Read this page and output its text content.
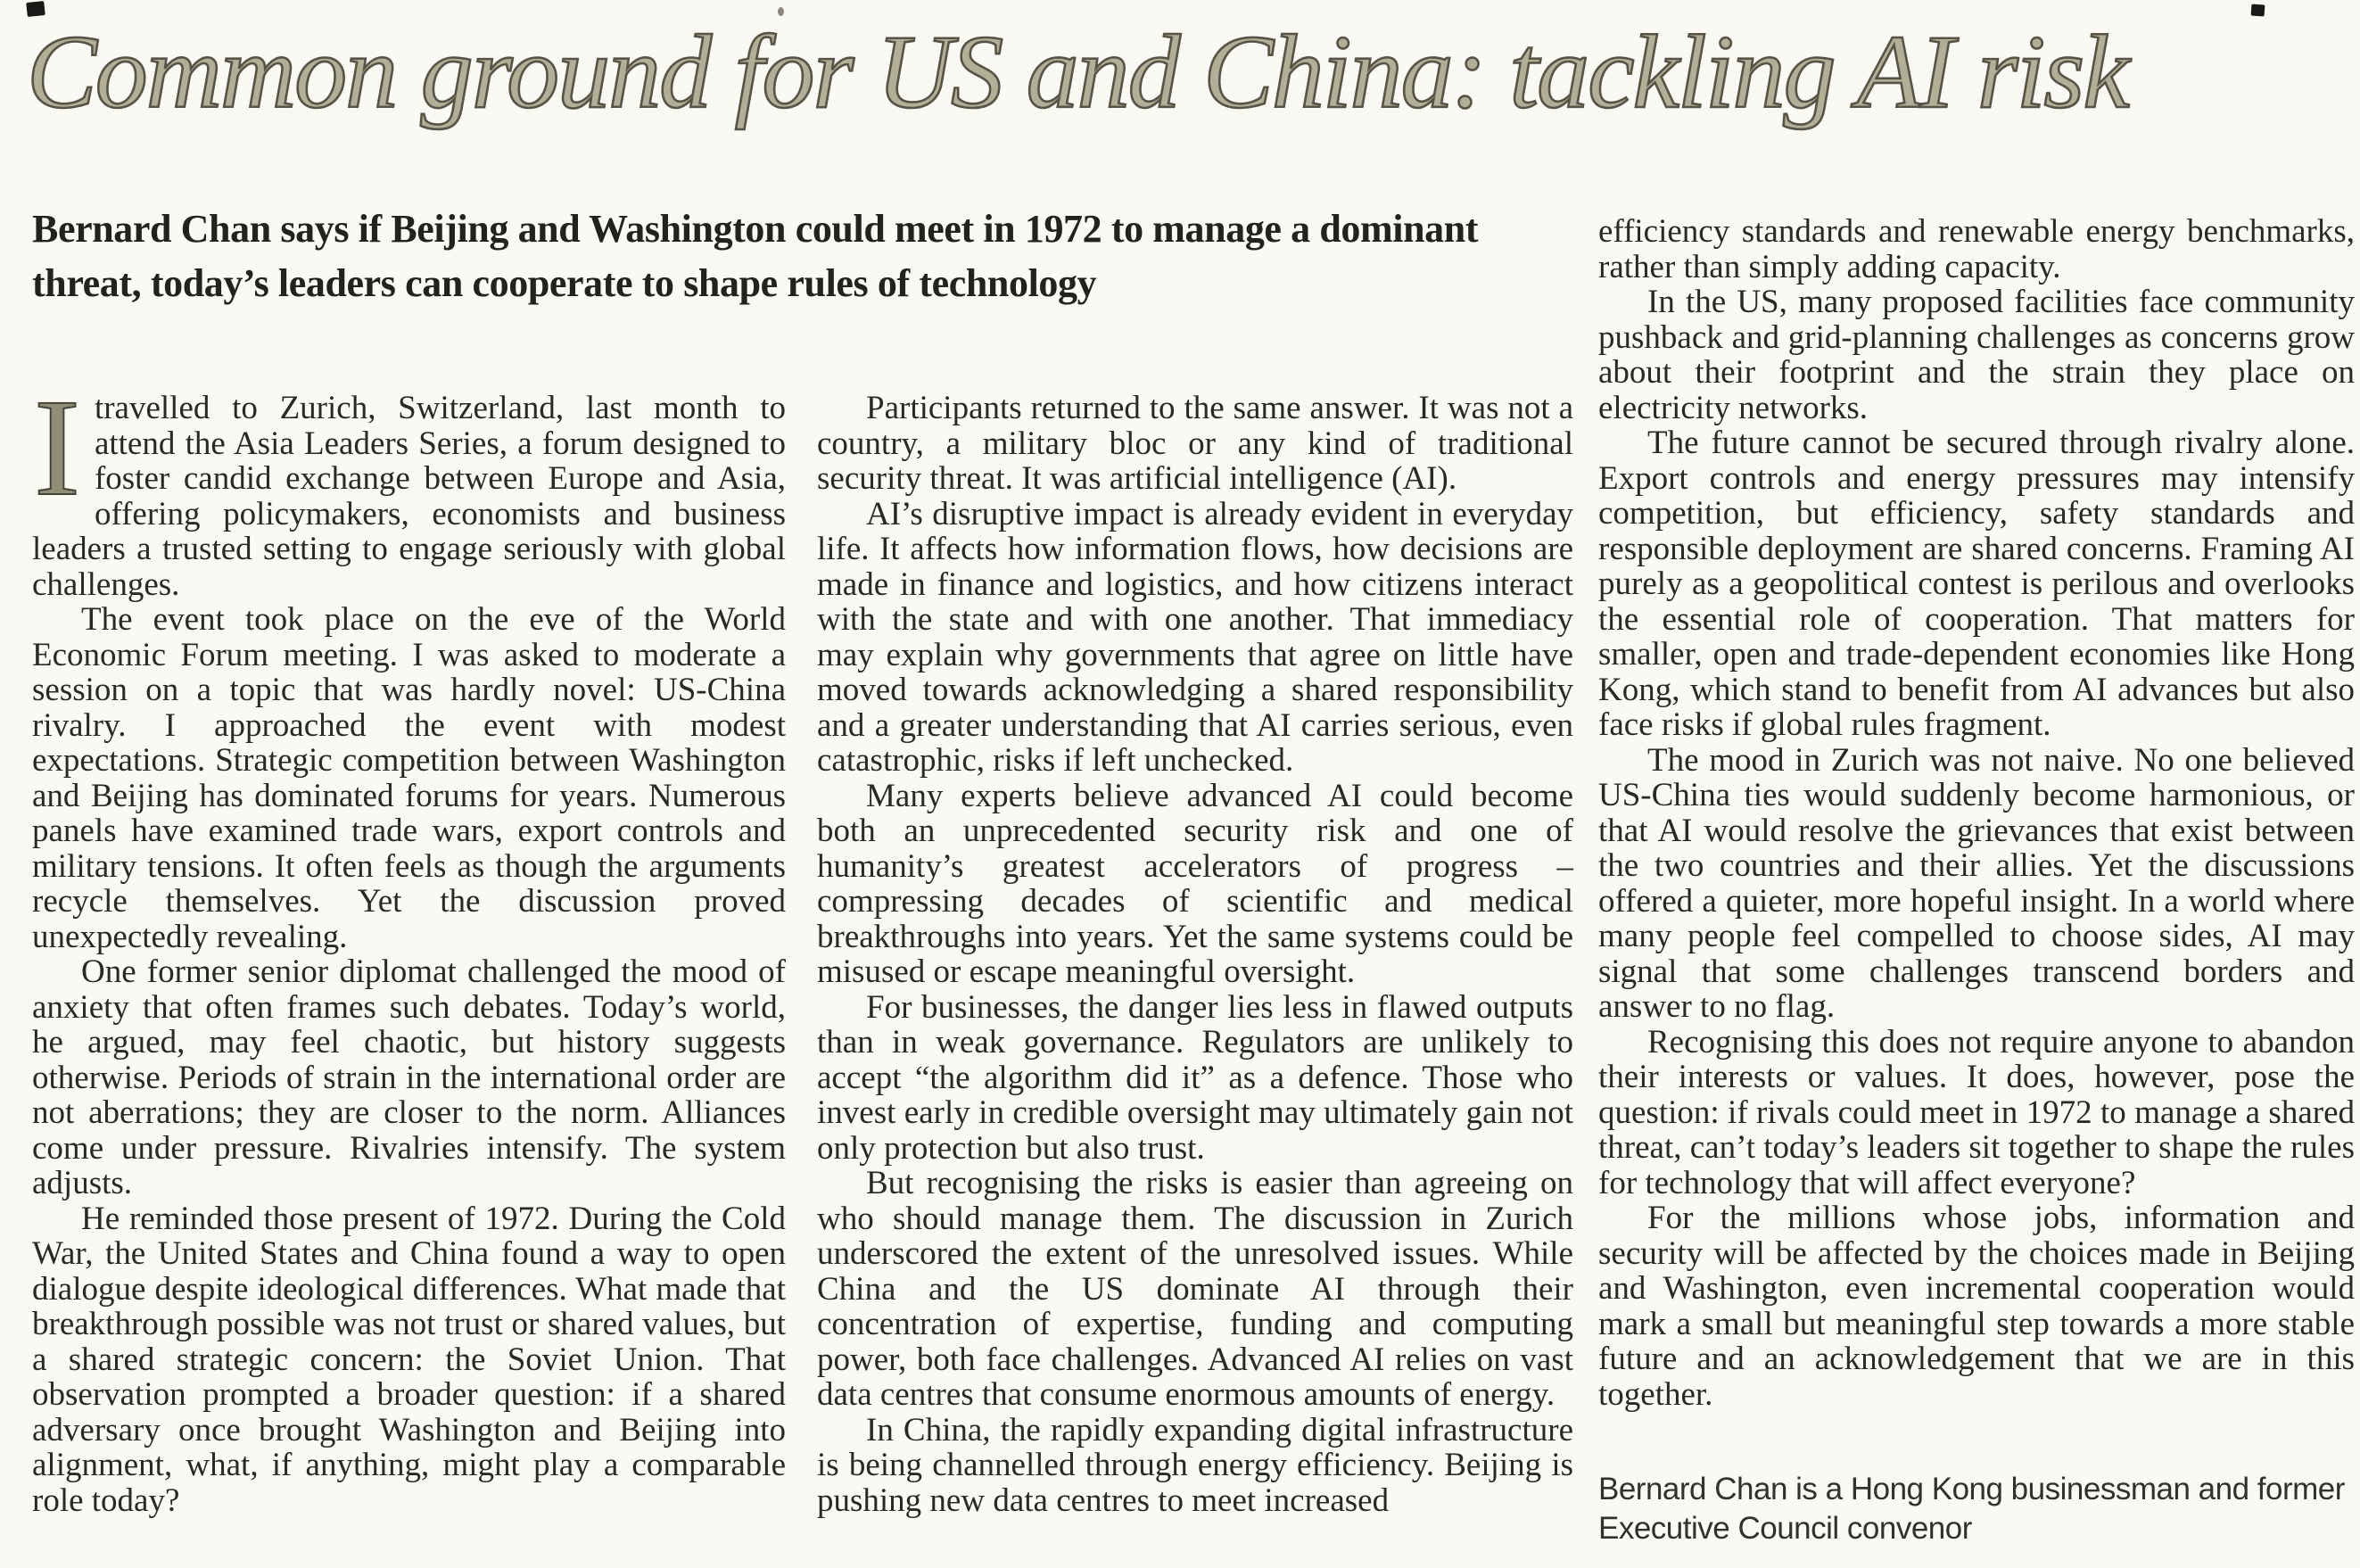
Common ground for US and China: tackling AI risk
Bernard Chan says if Beijing and Washington could meet in 1972 to manage a dominant threat, today’s leaders can cooperate to shape rules of technology

Itravelled to Zurich, Switzerland, last month to attend the Asia Leaders Series, a forum designed to foster candid exchange between Europe and Asia, offering policymakers, economists and business leaders a trusted setting to engage seriously with global challenges.

The event took place on the eve of the World Economic Forum meeting. I was asked to moderate a session on a topic that was hardly novel: US-China rivalry. I approached the event with modest expectations. Strategic competition between Washington and Beijing has dominated forums for years. Numerous panels have examined trade wars, export controls and military tensions. It often feels as though the arguments recycle themselves. Yet the discussion proved unexpectedly revealing.

One former senior diplomat challenged the mood of anxiety that often frames such debates. Today’s world, he argued, may feel chaotic, but history suggests otherwise. Periods of strain in the international order are not aberrations; they are closer to the norm. Alliances come under pressure. Rivalries intensify. The system adjusts.

He reminded those present of 1972. During the Cold War, the United States and China found a way to open dialogue despite ideological differences. What made that breakthrough possible was not trust or shared values, but a shared strategic concern: the Soviet Union. That observation prompted a broader question: if a shared adversary once brought Washington and Beijing into alignment, what, if anything, might play a comparable role today?

Participants returned to the same answer. It was not a country, a military bloc or any kind of traditional security threat. It was artificial intelligence (AI).

AI’s disruptive impact is already evident in everyday life. It affects how information flows, how decisions are made in finance and logistics, and how citizens interact with the state and with one another. That immediacy may explain why governments that agree on little have moved towards acknowledging a shared responsibility and a greater understanding that AI carries serious, even catastrophic, risks if left unchecked.

Many experts believe advanced AI could become both an unprecedented security risk and one of humanity’s greatest accelerators of progress – compressing decades of scientific and medical breakthroughs into years. Yet the same systems could be misused or escape meaningful oversight.

For businesses, the danger lies less in flawed outputs than in weak governance. Regulators are unlikely to accept “the algorithm did it” as a defence. Those who invest early in credible oversight may ultimately gain not only protection but also trust.

But recognising the risks is easier than agreeing on who should manage them. The discussion in Zurich underscored the extent of the unresolved issues. While China and the US dominate AI through their concentration of expertise, funding and computing power, both face challenges. Advanced AI relies on vast data centres that consume enormous amounts of energy.

In China, the rapidly expanding digital infrastructure is being channelled through energy efficiency. Beijing is pushing new data centres to meet increased

efficiency standards and renewable energy benchmarks, rather than simply adding capacity.

In the US, many proposed facilities face community pushback and grid-planning challenges as concerns grow about their footprint and the strain they place on electricity networks.

The future cannot be secured through rivalry alone. Export controls and energy pressures may intensify competition, but efficiency, safety standards and responsible deployment are shared concerns. Framing AI purely as a geopolitical contest is perilous and overlooks the essential role of cooperation. That matters for smaller, open and trade-dependent economies like Hong Kong, which stand to benefit from AI advances but also face risks if global rules fragment.

The mood in Zurich was not naive. No one believed US-China ties would suddenly become harmonious, or that AI would resolve the grievances that exist between the two countries and their allies. Yet the discussions offered a quieter, more hopeful insight. In a world where many people feel compelled to choose sides, AI may signal that some challenges transcend borders and answer to no flag.

Recognising this does not require anyone to abandon their interests or values. It does, however, pose the question: if rivals could meet in 1972 to manage a shared threat, can’t today’s leaders sit together to shape the rules for technology that will affect everyone?

For the millions whose jobs, information and security will be affected by the choices made in Beijing and Washington, even incremental cooperation would mark a small but meaningful step towards a more stable future and an acknowledgement that we are in this together.

Bernard Chan is a Hong Kong businessman and former Executive Council convenor
